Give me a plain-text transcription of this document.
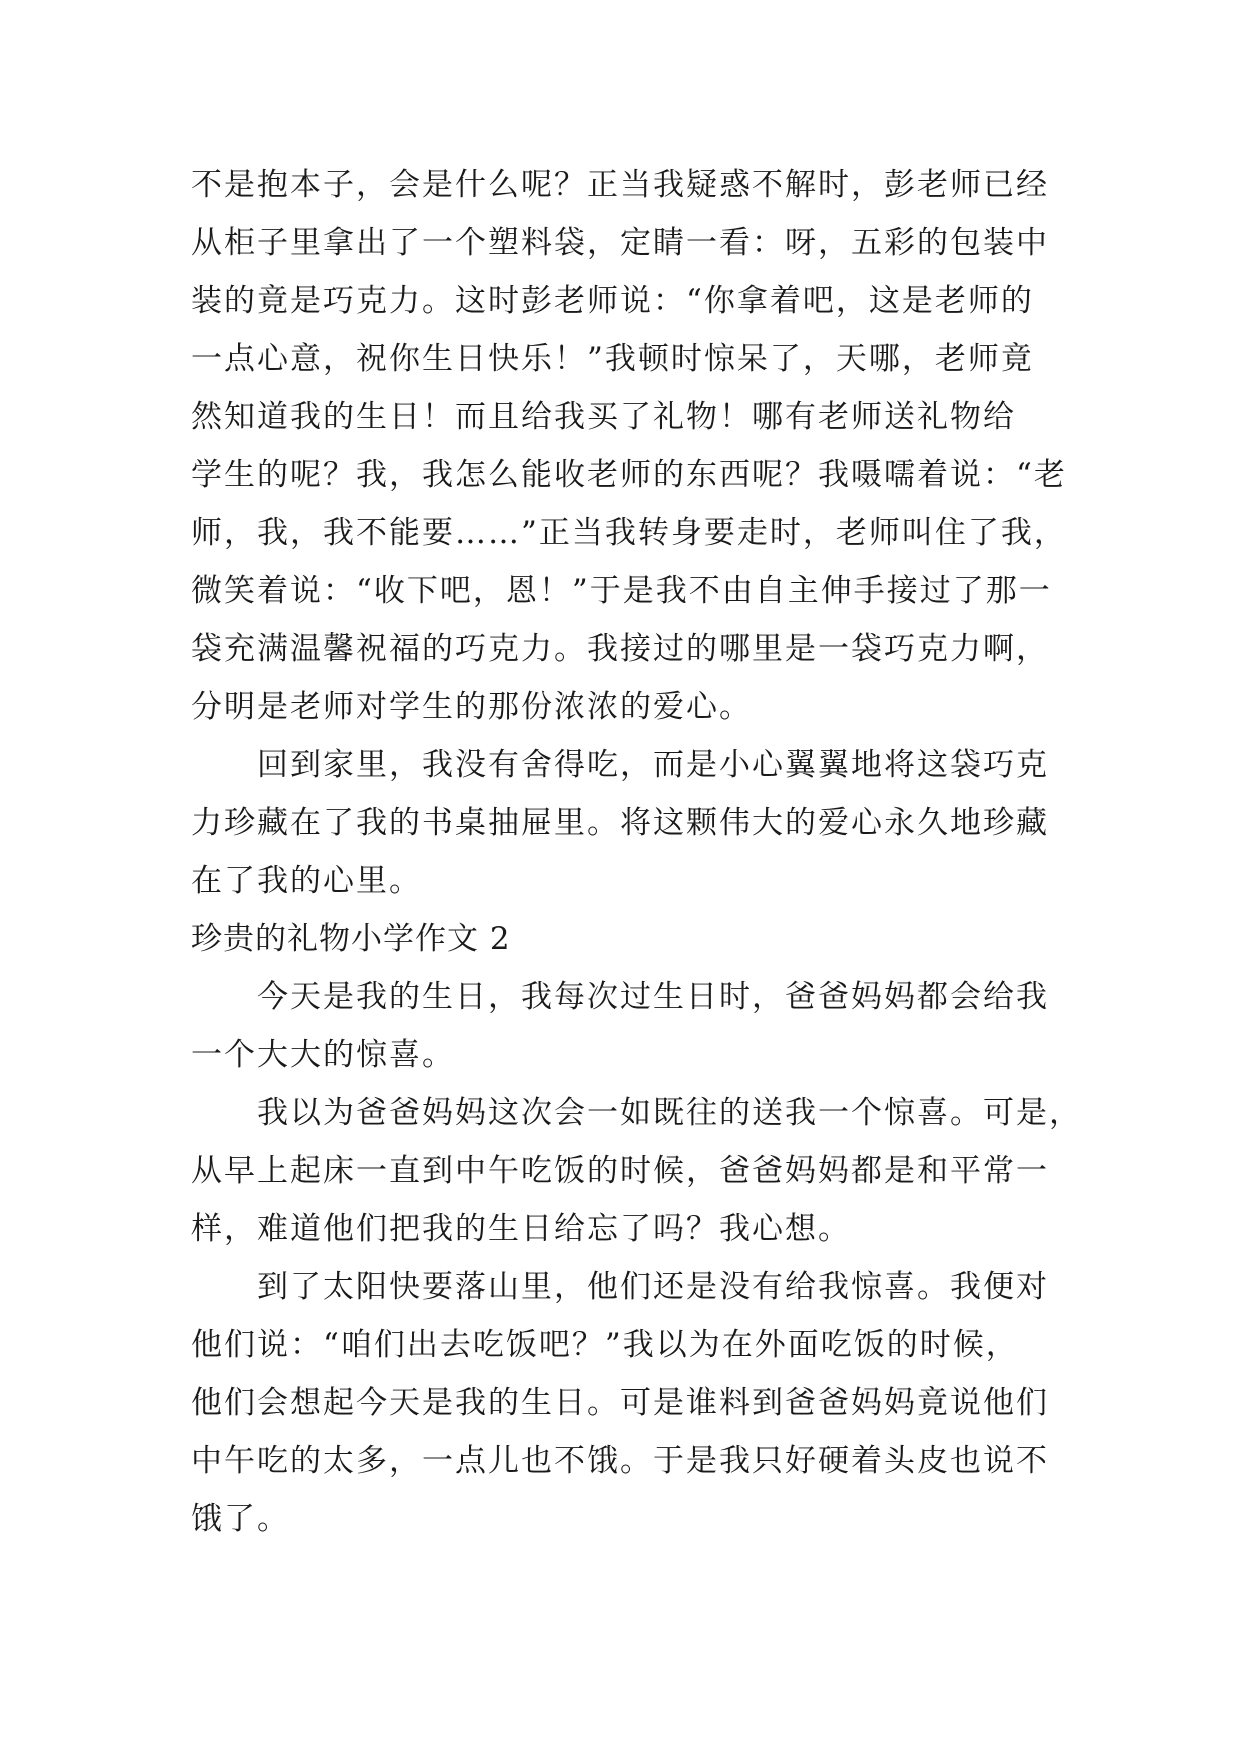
不是抱本子，会是什么呢？正当我疑惑不解时，彭老师已经
从柜子里拿出了一个塑料袋，定睛一看：呀，五彩的包装中
装的竟是巧克力。这时彭老师说：“你拿着吧，这是老师的
一点心意，祝你生日快乐！”我顿时惊呆了，天哪，老师竟
然知道我的生日！而且给我买了礼物！哪有老师送礼物给
学生的呢？我，我怎么能收老师的东西呢？我嗫嚅着说：“老
师，我，我不能要……”正当我转身要走时，老师叫住了我，
微笑着说：“收下吧，恩！”于是我不由自主伸手接过了那一
袋充满温馨祝福的巧克力。我接过的哪里是一袋巧克力啊，
分明是老师对学生的那份浓浓的爱心。
　　回到家里，我没有舍得吃，而是小心翼翼地将这袋巧克
力珍藏在了我的书桌抽屉里。将这颗伟大的爱心永久地珍藏
在了我的心里。
珍贵的礼物小学作文 2
　　今天是我的生日，我每次过生日时，爸爸妈妈都会给我
一个大大的惊喜。
　　我以为爸爸妈妈这次会一如既往的送我一个惊喜。可是，
从早上起床一直到中午吃饭的时候，爸爸妈妈都是和平常一
样，难道他们把我的生日给忘了吗？我心想。
　　到了太阳快要落山里，他们还是没有给我惊喜。我便对
他们说：“咱们出去吃饭吧？”我以为在外面吃饭的时候，
他们会想起今天是我的生日。可是谁料到爸爸妈妈竟说他们
中午吃的太多，一点儿也不饿。于是我只好硬着头皮也说不
饿了。
